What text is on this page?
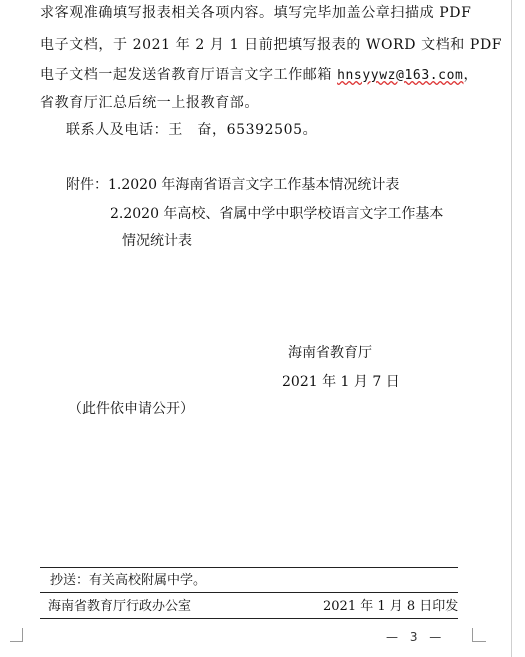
求客观准确填写报表相关各项内容。填写完毕加盖公章扫描成 PDF
电子文档，于 2021 年 2 月 1 日前把填写报表的 WORD 文档和 PDF
电子文档一起发送省教育厅语言文字工作邮箱 hnsyywz@163.com，
省教育厅汇总后统一上报教育部。
联系人及电话：王　奋，65392505。
附件：1.2020 年海南省语言文字工作基本情况统计表
2.2020 年高校、省属中学中职学校语言文字工作基本
情况统计表
海南省教育厅
2021 年 1 月 7 日
（此件依申请公开）
抄送：有关高校附属中学。
海南省教育厅行政办公室	2021 年 1 月 8 日印发
— 3 —
